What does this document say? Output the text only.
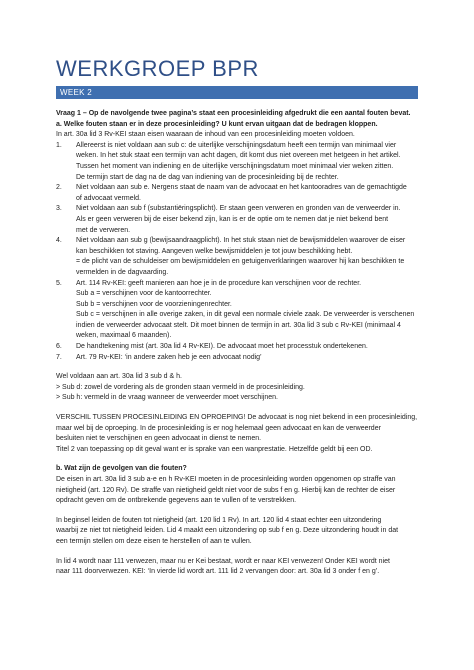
WERKGROEP BPR
WEEK 2

Vraag 1 – Op de navolgende twee pagina’s staat een procesinleiding afgedrukt die een aantal fouten bevat.

a. Welke fouten staan er in deze procesinleiding? U kunt ervan uitgaan dat de bedragen kloppen.

In art. 30a lid 3 Rv-KEI staan eisen waaraan de inhoud van een procesinleiding moeten voldoen.

1. Allereerst is niet voldaan aan sub c: de uiterlijke verschijningsdatum heeft een termijn van minimaal vier

weken. In het stuk staat een termijn van acht dagen, dit komt dus niet overeen met hetgeen in het artikel.

Tussen het moment van indiening en de uiterlijke verschijningsdatum moet minimaal vier weken zitten.

De termijn start de dag na de dag van indiening van de procesinleiding bij de rechter.

2. Niet voldaan aan sub e. Nergens staat de naam van de advocaat en het kantooradres van de gemachtigde

of advocaat vermeld.

3. Niet voldaan aan sub f (substantiëringsplicht). Er staan geen verweren en gronden van de verweerder in.

Als er geen verweren bij de eiser bekend zijn, kan is er de optie om te nemen dat je niet bekend bent

met de verweren.

4. Niet voldaan aan sub g (bewijsaandraagplicht). In het stuk staan niet de bewijsmiddelen waarover de eiser

kan beschikken tot staving. Aangeven welke bewijsmiddelen je tot jouw beschikking hebt.

= de plicht van de schuldeiser om bewijsmiddelen en getuigenverklaringen waarover hij kan beschikken te

vermelden in de dagvaarding.

5. Art. 114 Rv-KEI: geeft manieren aan hoe je in de procedure kan verschijnen voor de rechter.

Sub a = verschijnen voor de kantoorrechter.

Sub b = verschijnen voor de voorzieningenrechter.

Sub c = verschijnen in alle overige zaken, in dit geval een normale civiele zaak. De verweerder is verschenen

indien de verweerder advocaat stelt. Dit moet binnen de termijn in art. 30a lid 3 sub c Rv-KEI (minimaal 4

weken, maximaal 6 maanden).

6. De handtekening mist (art. 30a lid 4 Rv-KEI). De advocaat moet het processtuk ondertekenen.

7. Art. 79 Rv-KEI: ‘in andere zaken heb je een advocaat nodig’

Wel voldaan aan art. 30a lid 3 sub d & h.

> Sub d: zowel de vordering als de gronden staan vermeld in de procesinleiding.

> Sub h: vermeld in de vraag wanneer de verweerder moet verschijnen.

VERSCHIL TUSSEN PROCESINLEIDING EN OPROEPING! De advocaat is nog niet bekend in een procesinleiding,

maar wel bij de oproeping. In de procesinleiding is er nog helemaal geen advocaat en kan de verweerder

besluiten niet te verschijnen en geen advocaat in dienst te nemen.

Titel 2 van toepassing op dit geval want er is sprake van een wanprestatie. Hetzelfde geldt bij een OD.

b. Wat zijn de gevolgen van die fouten?

De eisen in art. 30a lid 3 sub a-e en h Rv-KEI moeten in de procesinleiding worden opgenomen op straffe van

nietigheid (art. 120 Rv). De straffe van nietigheid geldt niet voor de subs f en g. Hierbij kan de rechter de eiser

opdracht geven om de ontbrekende gegevens aan te vullen of te verstrekken.

In beginsel leiden de fouten tot nietigheid (art. 120 lid 1 Rv). In art. 120 lid 4 staat echter een uitzondering

waarbij ze niet tot nietigheid leiden. Lid 4 maakt een uitzondering op sub f en g. Deze uitzondering houdt in dat

een termijn stellen om deze eisen te herstellen of aan te vullen.

In lid 4 wordt naar 111 verwezen, maar nu er Kei bestaat, wordt er naar KEI verwezen! Onder KEI wordt niet

naar 111 doorverwezen. KEI: ‘In vierde lid wordt art. 111 lid 2 vervangen door: art. 30a lid 3 onder f en g’.
